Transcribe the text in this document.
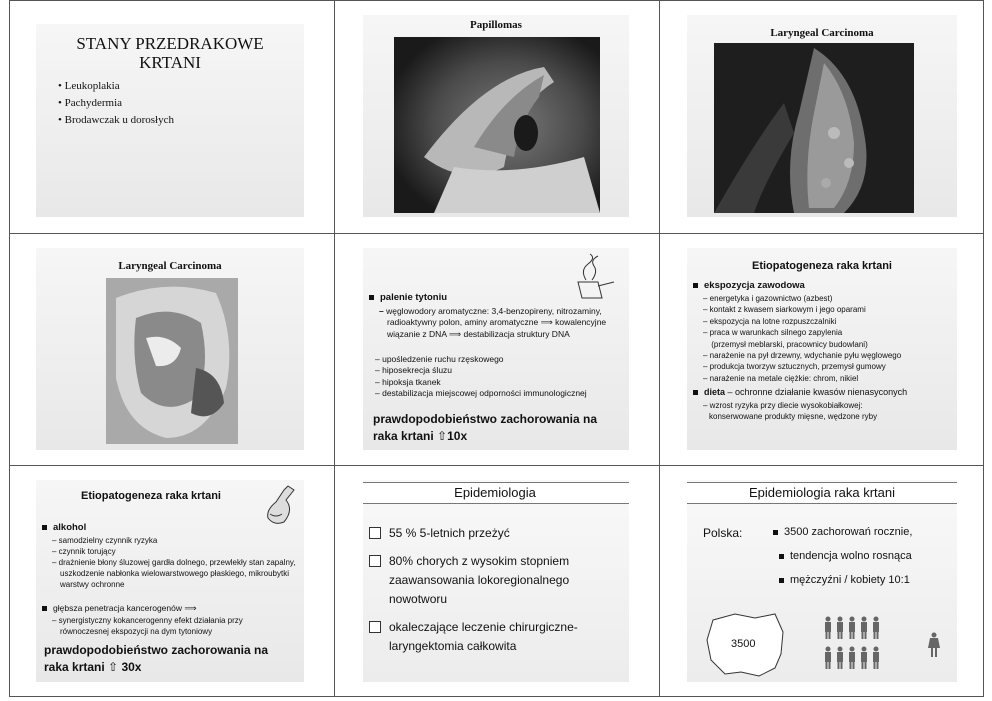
STANY PRZEDRAKOWE KRTANI
• Leukoplakia
• Pachydermia
• Brodawczak u dorosłych
Papillomas
Laryngeal Carcinoma
Laryngeal Carcinoma
palenie tytoniu
– węglowodory aromatyczne: 3,4-benzopireny, nitrozaminy,
radioaktywny polon, aminy aromatyczne ⟹ kowalencyjne
wiązanie z DNA ⟹ destabilizacja struktury DNA
– upośledzenie ruchu rzęskowego
– hiposekrecja śluzu
– hipoksja tkanek
– destabilizacja miejscowej odporności immunologicznej
prawdopodobieństwo zachorowania na
raka krtani ⇧10x
Etiopatogeneza raka krtani
ekspozycja zawodowa
– energetyka i gazownictwo (azbest)
– kontakt z kwasem siarkowym i jego oparami
– ekspozycja na lotne rozpuszczalniki
– praca w warunkach silnego zapylenia
(przemysł meblarski, pracownicy budowlani)
– narażenie na pył drzewny, wdychanie pyłu węglowego
– produkcja tworzyw sztucznych, przemysł gumowy
– narażenie na metale ciężkie: chrom, nikiel
dieta – ochronne działanie kwasów nienasyconych
– wzrost ryzyka przy diecie wysokobiałkowej:
konserwowane produkty mięsne, wędzone ryby
Etiopatogeneza raka krtani
alkohol
– samodzielny czynnik ryzyka
– czynnik torujący
– drażnienie błony śluzowej gardła dolnego, przewlekły stan zapalny, uszkodzenie nabłonka wielowarstwowego płaskiego, mikroubytki warstwy ochronne
głębsza penetracja kancerogenów ⟹
– synergistyczny kokancerogenny efekt działania przy równoczesnej ekspozycji na dym tytoniowy
prawdopodobieństwo zachorowania na
raka krtani ⇧ 30x
Epidemiologia
55 % 5-letnich przeżyć
80% chorych z wysokim stopniem zaawansowania lokoregionalnego nowotworu
okaleczające leczenie chirurgiczne-laryngektomia całkowita
Epidemiologia raka krtani
Polska:	3500 zachorowań rocznie,
tendencja wolno rosnąca
mężczyźni / kobiety 10:1
3500
